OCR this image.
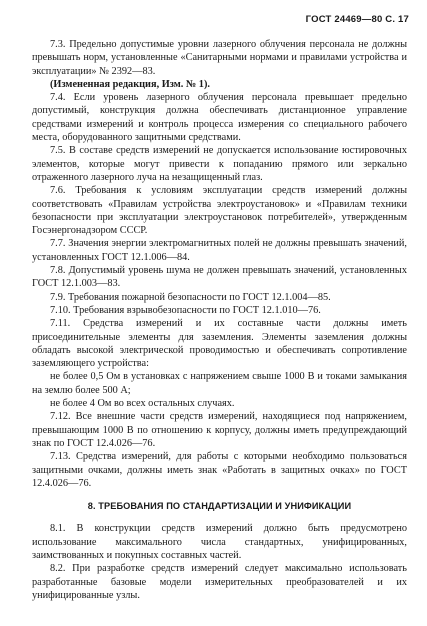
ГОСТ 24469—80 С. 17

7.3. Предельно допустимые уровни лазерного облучения персонала не должны превышать норм, установленные «Санитарными нормами и правилами устройства и эксплуатации» № 2392—83.

(Измененная редакция, Изм. № 1).

7.4. Если уровень лазерного облучения персонала превышает предельно допустимый, конструкция должна обеспечивать дистанционное управление средствами измерений и контроль процесса измерения со специального рабочего места, оборудованного защитными средствами.

7.5. В составе средств измерений не допускается использование юстировочных элементов, которые могут привести к попаданию прямого или зеркально отраженного лазерного луча на незащищенный глаз.

7.6. Требования к условиям эксплуатации средств измерений должны соответствовать «Правилам устройства электроустановок» и «Правилам техники безопасности при эксплуатации электроустановок потребителей», утвержденным Госэнергонадзором СССР.

7.7. Значения энергии электромагнитных полей не должны превышать значений, установленных ГОСТ 12.1.006—84.

7.8. Допустимый уровень шума не должен превышать значений, установленных ГОСТ 12.1.003—83.

7.9. Требования пожарной безопасности по ГОСТ 12.1.004—85.

7.10. Требования взрывобезопасности по ГОСТ 12.1.010—76.

7.11. Средства измерений и их составные части должны иметь присоединительные элементы для заземления. Элементы заземления должны обладать высокой электрической проводимостью и обеспечивать сопротивление заземляющего устройства:

не более 0,5 Ом в установках с напряжением свыше 1000 В и токами замыкания на землю более 500 А;

не более 4 Ом во всех остальных случаях.

7.12. Все внешние части средств измерений, находящиеся под напряжением, превышающим 1000 В по отношению к корпусу, должны иметь предупреждающий знак по ГОСТ 12.4.026—76.

7.13. Средства измерений, для работы с которыми необходимо пользоваться защитными очками, должны иметь знак «Работать в защитных очках» по ГОСТ 12.4.026—76.

8. ТРЕБОВАНИЯ ПО СТАНДАРТИЗАЦИИ И УНИФИКАЦИИ

8.1. В конструкции средств измерений должно быть предусмотрено использование максимального числа стандартных, унифицированных, заимствованных и покупных составных частей.

8.2. При разработке средств измерений следует максимально использовать разработанные базовые модели измерительных преобразователей и их унифицированные узлы.
